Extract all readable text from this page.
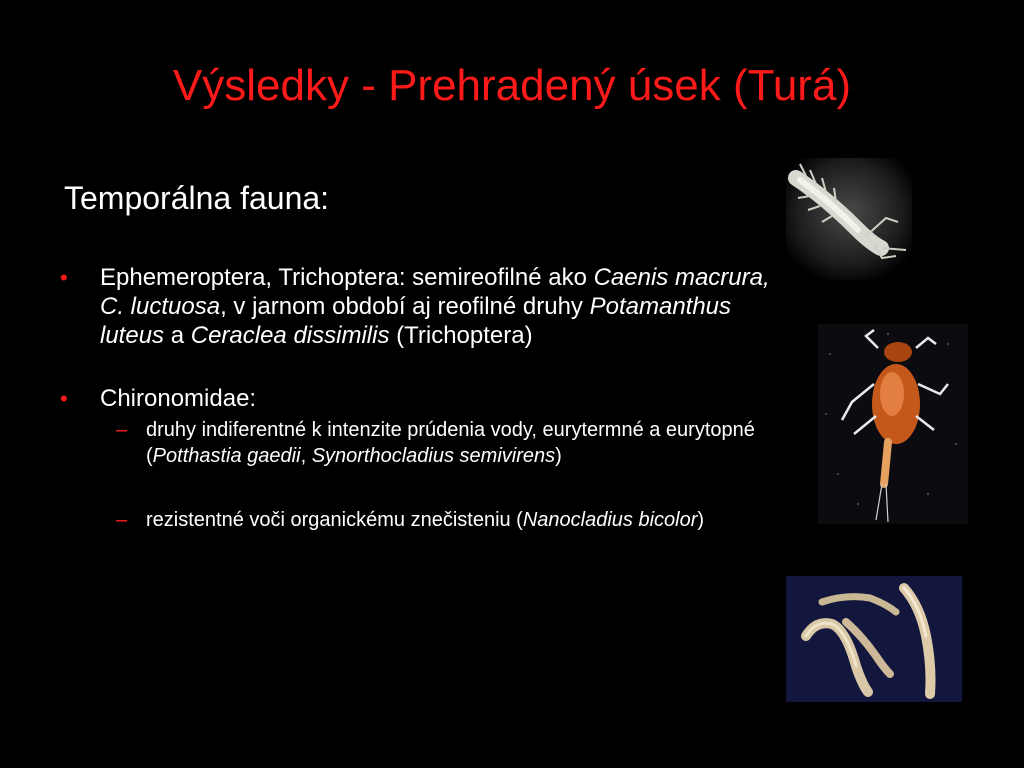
Výsledky - Prehradený úsek (Turá)
Temporálna fauna:
• Ephemeroptera, Trichoptera: semireofilné ako Caenis macrura, C. luctuosa, v jarnom období aj reofilné druhy Potamanthus luteus a Ceraclea dissimilis (Trichoptera)
• Chironomidae:
– druhy indiferentné k intenzite prúdenia vody, eurytermné a eurytopné (Potthastia gaedii, Synorthocladius semivirens)
– rezistentné voči organickému znečisteniu (Nanocladius bicolor)
